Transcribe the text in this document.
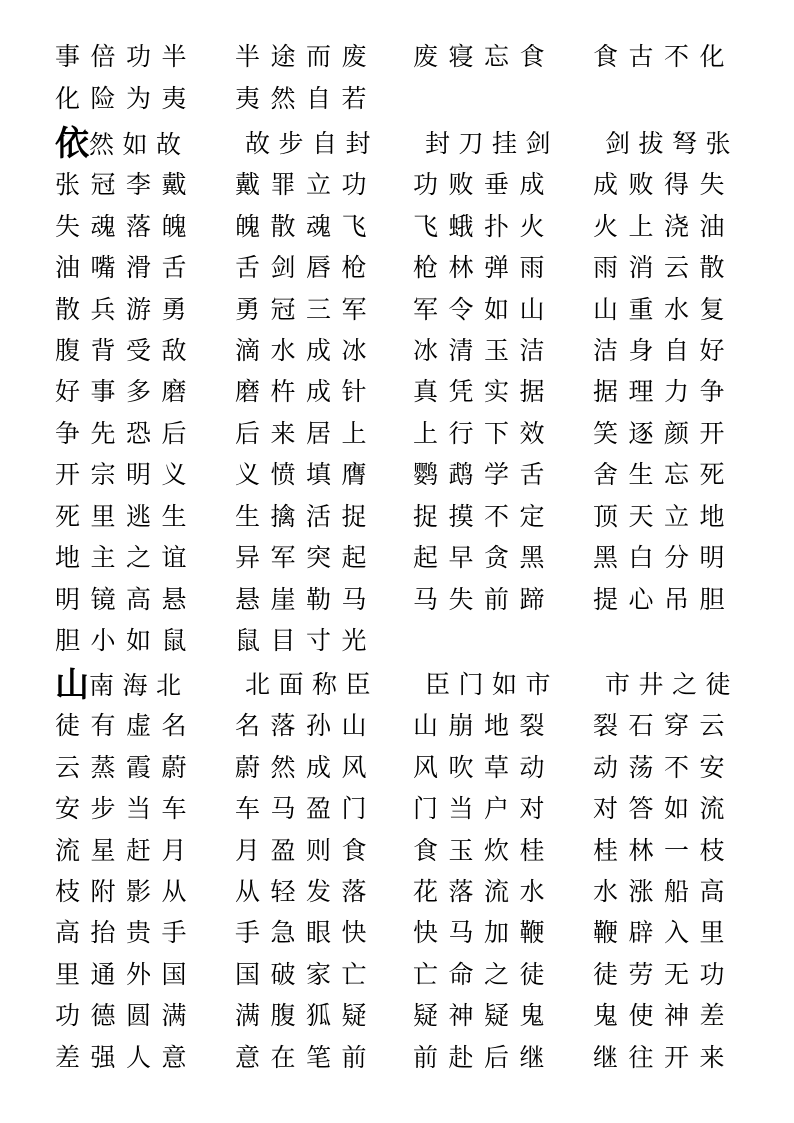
事倍功半 半途而废 废寝忘食 食古不化
化险为夷 夷然自若
依然如故 故步自封 封刀挂剑 剑拔弩张
张冠李戴 戴罪立功 功败垂成 成败得失
失魂落魄 魄散魂飞 飞蛾扑火 火上浇油
油嘴滑舌 舌剑唇枪 枪林弹雨 雨消云散
散兵游勇 勇冠三军 军令如山 山重水复
腹背受敌 滴水成冰 冰清玉洁 洁身自好
好事多磨 磨杵成针 真凭实据 据理力争
争先恐后 后来居上 上行下效 笑逐颜开
开宗明义 义愤填膺 鹦鹉学舌 舍生忘死
死里逃生 生擒活捉 捉摸不定 顶天立地
地主之谊 异军突起 起早贪黑 黑白分明
明镜高悬 悬崖勒马 马失前蹄 提心吊胆
胆小如鼠 鼠目寸光
山南海北 北面称臣 臣门如市 市井之徒
徒有虚名 名落孙山 山崩地裂 裂石穿云
云蒸霞蔚 蔚然成风 风吹草动 动荡不安
安步当车 车马盈门 门当户对 对答如流
流星赶月 月盈则食 食玉炊桂 桂林一枝
枝附影从 从轻发落 花落流水 水涨船高
高抬贵手 手急眼快 快马加鞭 鞭辟入里
里通外国 国破家亡 亡命之徒 徒劳无功
功德圆满 满腹狐疑 疑神疑鬼 鬼使神差
差强人意 意在笔前 前赴后继 继往开来
